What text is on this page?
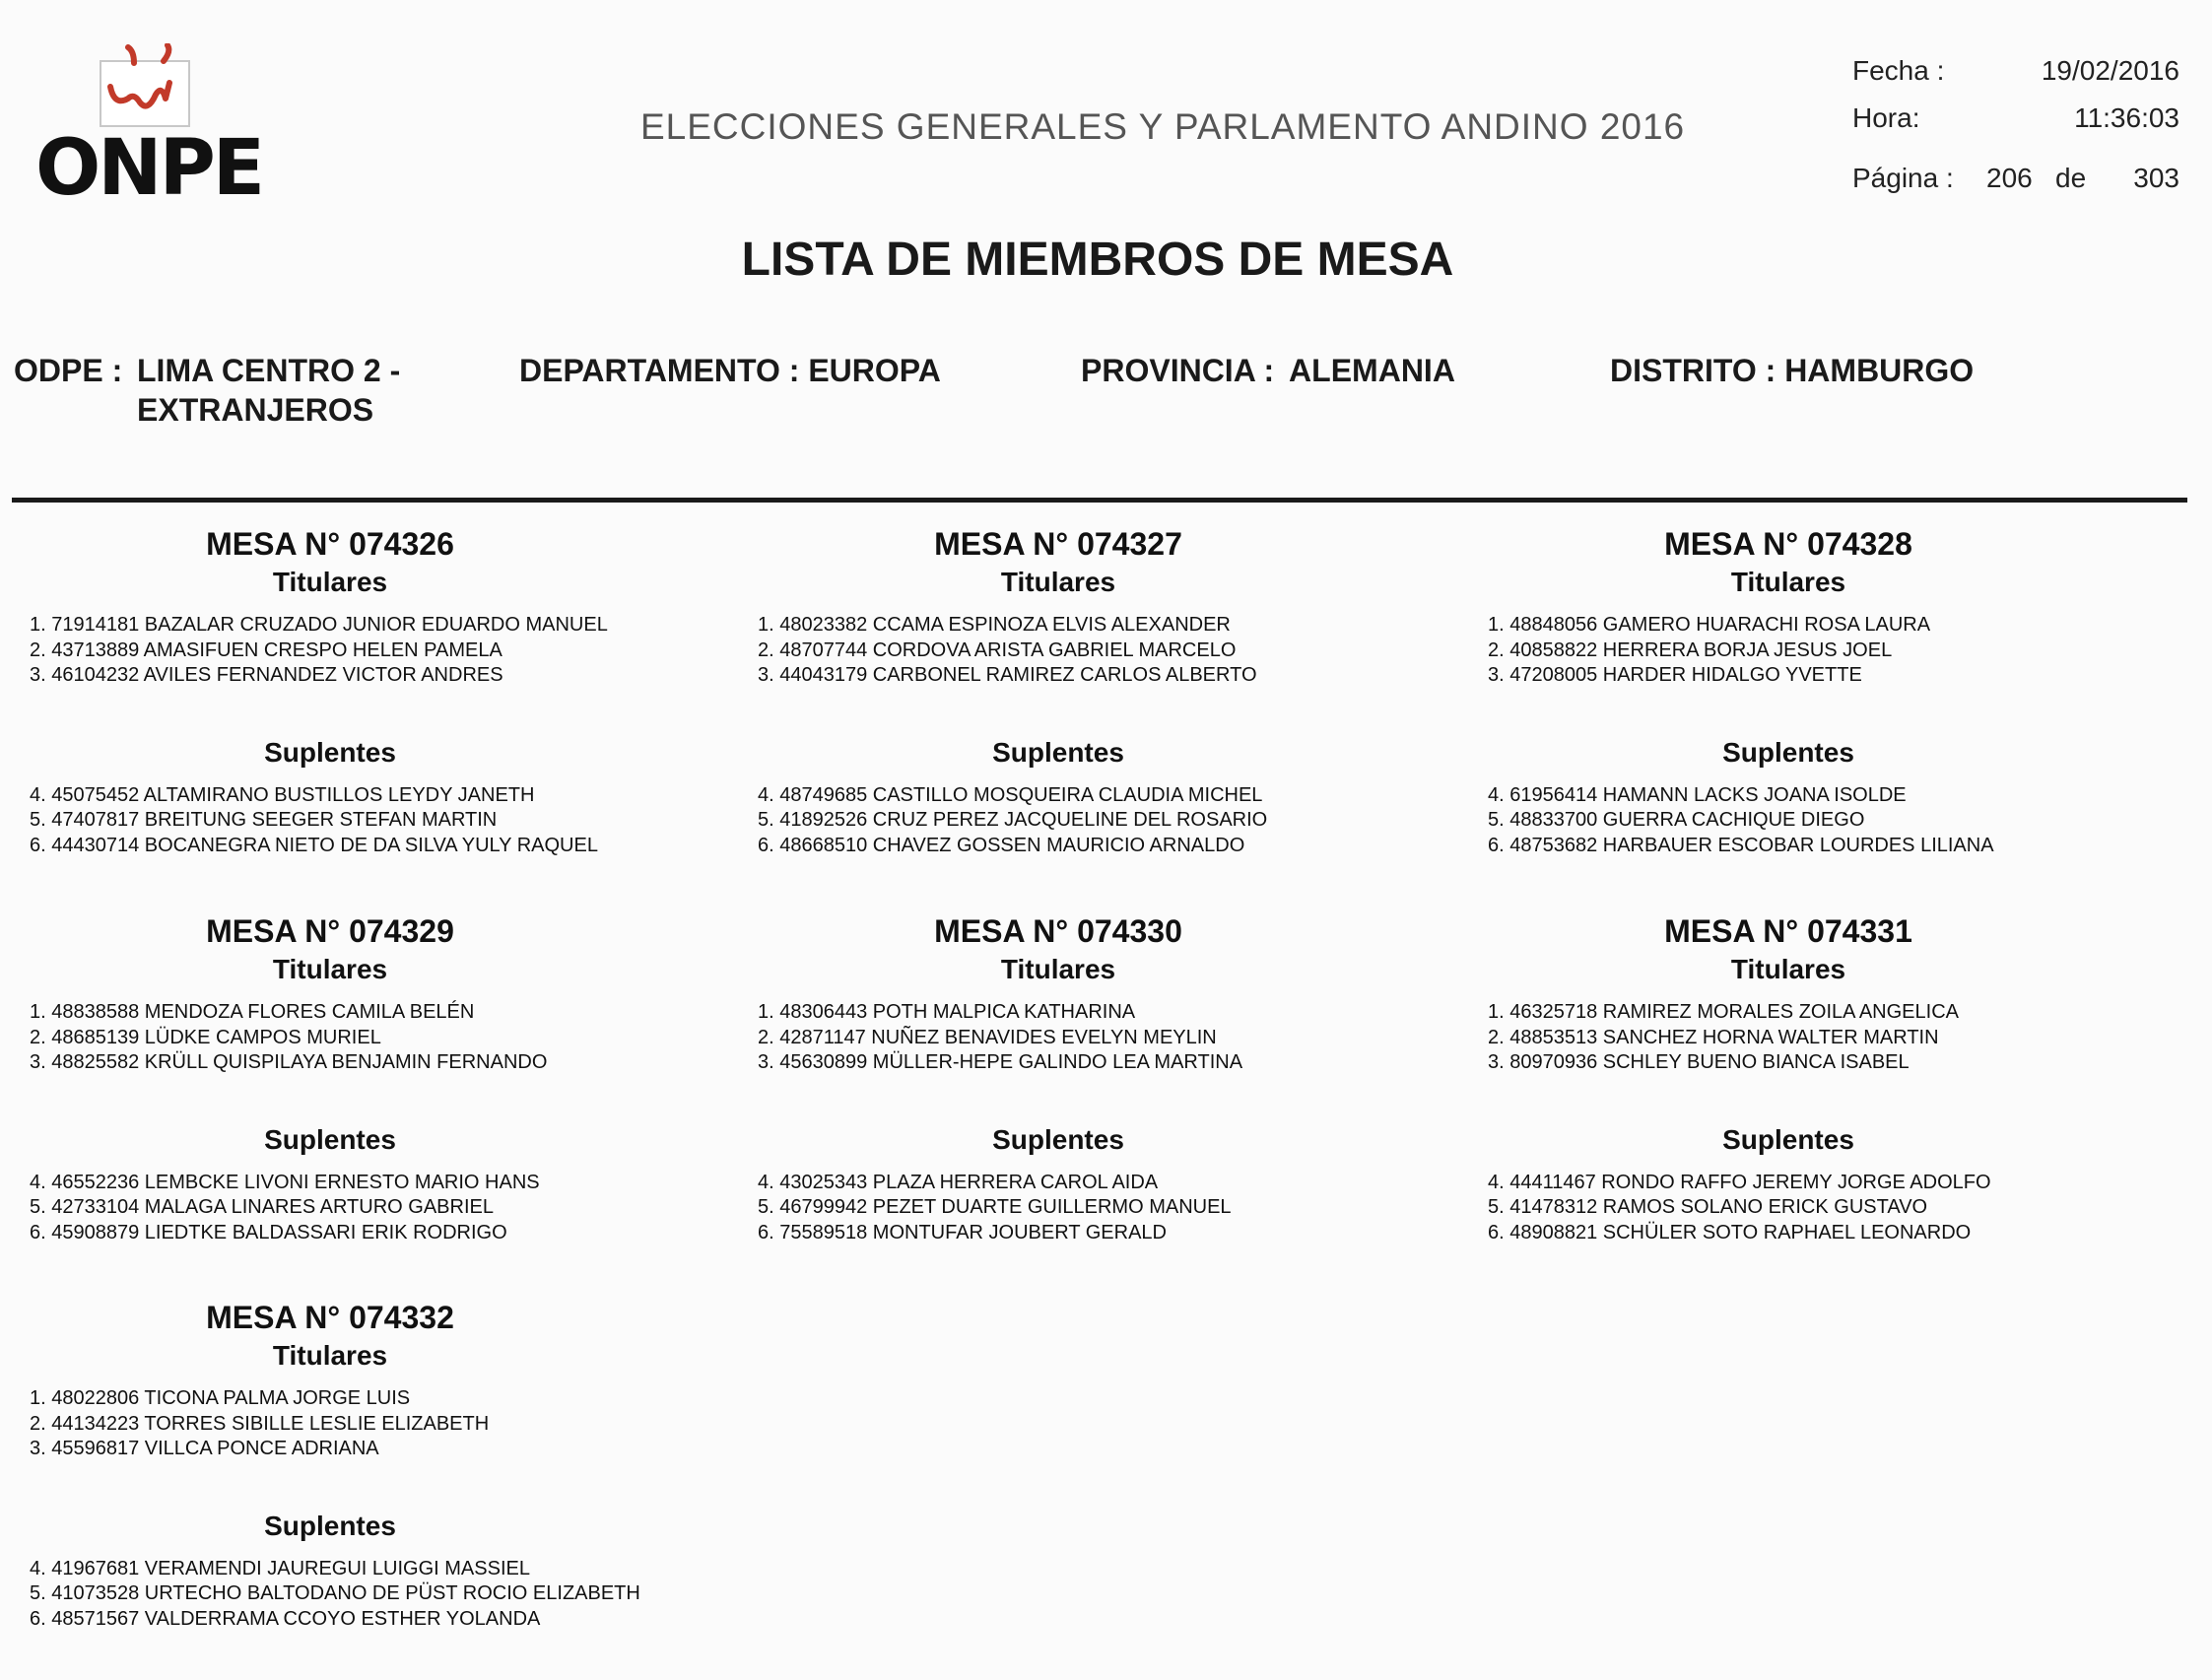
ONPE	ELECCIONES GENERALES Y PARLAMENTO ANDINO 2016
Fecha :	19/02/2016
Hora:	11:36:03
Página : 206 de 303
LISTA DE MIEMBROS DE MESA
ODPE : LIMA CENTRO 2 -
EXTRANJEROS
DEPARTAMENTO : EUROPA	PROVINCIA : ALEMANIA	DISTRITO : HAMBURGO
MESA N° 074326
Titulares
1. 71914181 BAZALAR CRUZADO JUNIOR EDUARDO MANUEL
2. 43713889 AMASIFUEN CRESPO HELEN PAMELA
3. 46104232 AVILES FERNANDEZ VICTOR ANDRES
Suplentes
4. 45075452 ALTAMIRANO BUSTILLOS LEYDY JANETH
5. 47407817 BREITUNG SEEGER STEFAN MARTIN
6. 44430714 BOCANEGRA NIETO DE DA SILVA YULY RAQUEL
MESA N° 074327
Titulares
1. 48023382 CCAMA ESPINOZA ELVIS ALEXANDER
2. 48707744 CORDOVA ARISTA GABRIEL MARCELO
3. 44043179 CARBONEL RAMIREZ CARLOS ALBERTO
Suplentes
4. 48749685 CASTILLO MOSQUEIRA CLAUDIA MICHEL
5. 41892526 CRUZ PEREZ JACQUELINE DEL ROSARIO
6. 48668510 CHAVEZ GOSSEN MAURICIO ARNALDO
MESA N° 074328
Titulares
1. 48848056 GAMERO HUARACHI ROSA LAURA
2. 40858822 HERRERA BORJA JESUS JOEL
3. 47208005 HARDER HIDALGO YVETTE
Suplentes
4. 61956414 HAMANN LACKS JOANA ISOLDE
5. 48833700 GUERRA CACHIQUE DIEGO
6. 48753682 HARBAUER ESCOBAR LOURDES LILIANA
MESA N° 074329
Titulares
1. 48838588 MENDOZA FLORES CAMILA BELÉN
2. 48685139 LÜDKE CAMPOS MURIEL
3. 48825582 KRÜLL QUISPILAYA BENJAMIN FERNANDO
Suplentes
4. 46552236 LEMBCKE LIVONI ERNESTO MARIO HANS
5. 42733104 MALAGA LINARES ARTURO GABRIEL
6. 45908879 LIEDTKE BALDASSARI ERIK RODRIGO
MESA N° 074330
Titulares
1. 48306443 POTH MALPICA KATHARINA
2. 42871147 NUÑEZ BENAVIDES EVELYN MEYLIN
3. 45630899 MÜLLER-HEPE GALINDO LEA MARTINA
Suplentes
4. 43025343 PLAZA HERRERA CAROL AIDA
5. 46799942 PEZET DUARTE GUILLERMO MANUEL
6. 75589518 MONTUFAR JOUBERT GERALD
MESA N° 074331
Titulares
1. 46325718 RAMIREZ MORALES ZOILA ANGELICA
2. 48853513 SANCHEZ HORNA WALTER MARTIN
3. 80970936 SCHLEY BUENO BIANCA ISABEL
Suplentes
4. 44411467 RONDO RAFFO JEREMY JORGE ADOLFO
5. 41478312 RAMOS SOLANO ERICK GUSTAVO
6. 48908821 SCHÜLER SOTO RAPHAEL LEONARDO
MESA N° 074332
Titulares
1. 48022806 TICONA PALMA JORGE LUIS
2. 44134223 TORRES SIBILLE LESLIE ELIZABETH
3. 45596817 VILLCA PONCE ADRIANA
Suplentes
4. 41967681 VERAMENDI JAUREGUI LUIGGI MASSIEL
5. 41073528 URTECHO BALTODANO DE PÜST ROCIO ELIZABETH
6. 48571567 VALDERRAMA CCOYO ESTHER YOLANDA
